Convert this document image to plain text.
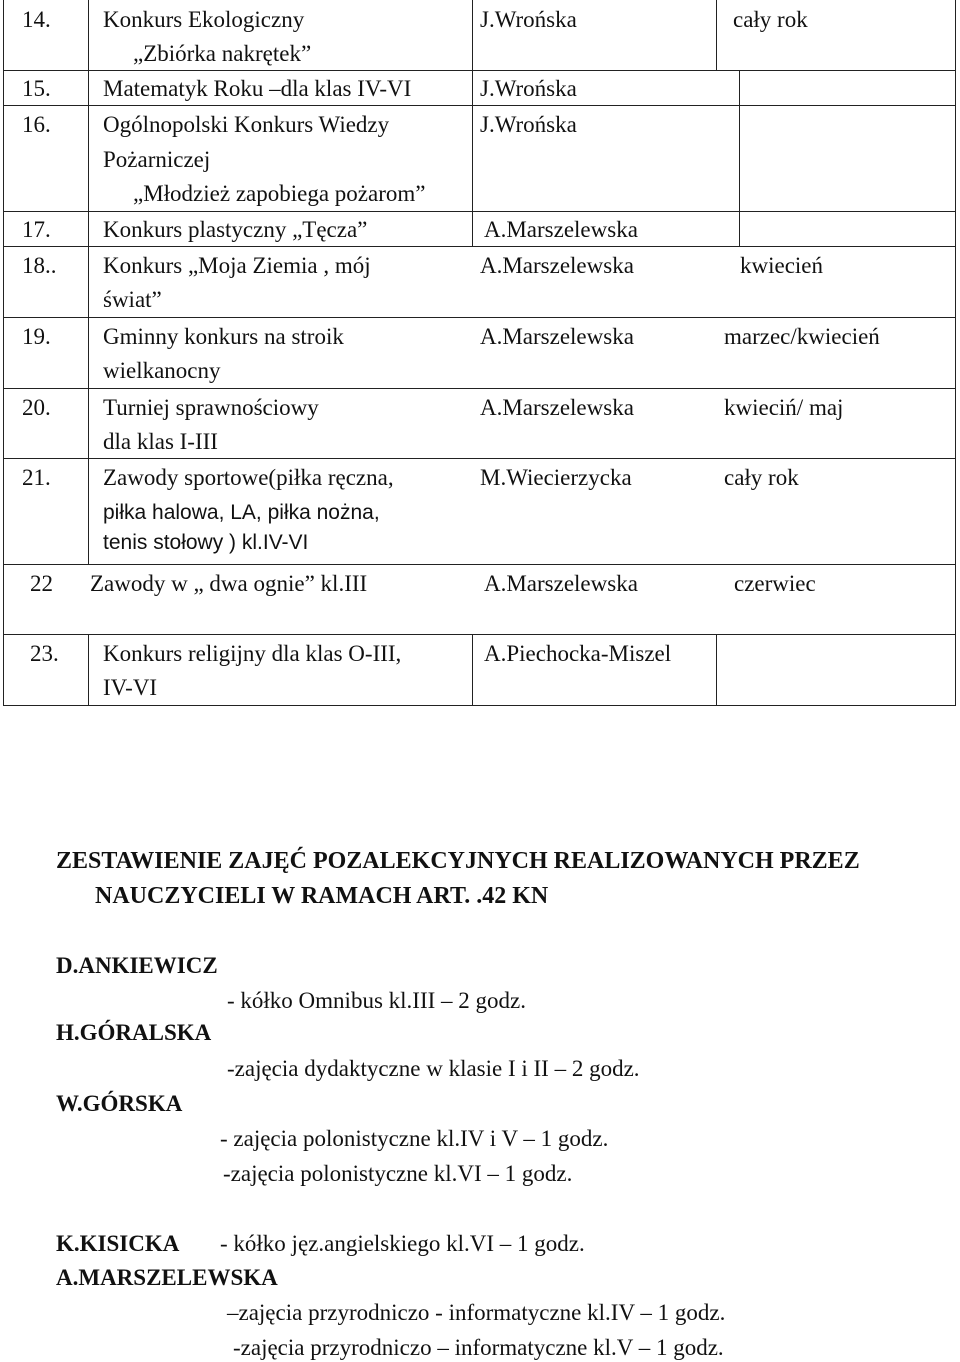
14. Konkurs Ekologiczny
„Zbiórka nakrętek”
J.Wrońska	cały rok
15. Matematyk Roku –dla klas IV-VI	J.Wrońska
16. Ogólnopolski Konkurs Wiedzy
Pożarniczej
„Młodzież zapobiega pożarom”
J.Wrońska
17. Konkurs plastyczny „Tęcza”	A.Marszelewska
18.. Konkurs „Moja Ziemia , mój
świat”
A.Marszelewska	kwiecień
19. Gminny konkurs na stroik
wielkanocny
A.Marszelewska	marzec/kwiecień
20. Turniej sprawnościowy
dla klas I-III
A.Marszelewska	kwieciń/ maj
21. Zawody sportowe(piłka ręczna,
piłka halowa, LA, piłka nożna,
tenis stołowy ) kl.IV-VI
M.Wiecierzycka	cały rok
22 Zawody w „ dwa ognie” kl.III	A.Marszelewska	czerwiec
23. Konkurs religijny dla klas O-III,
IV-VI
A.Piechocka-Miszel
ZESTAWIENIE ZAJĘĆ POZALEKCYJNYCH REALIZOWANYCH PRZEZ
NAUCZYCIELI W RAMACH ART. .42 KN
D.ANKIEWICZ
- kółko Omnibus kl.III – 2 godz.
H.GÓRALSKA
-zajęcia dydaktyczne w klasie I i II – 2 godz.
W.GÓRSKA
- zajęcia polonistyczne kl.IV i V – 1 godz.
-zajęcia polonistyczne kl.VI – 1 godz.
K.KISICKA - kółko jęz.angielskiego kl.VI – 1 godz.
A.MARSZELEWSKA
–zajęcia przyrodniczo - informatyczne kl.IV – 1 godz.
-zajęcia przyrodniczo – informatyczne kl.V – 1 godz.
